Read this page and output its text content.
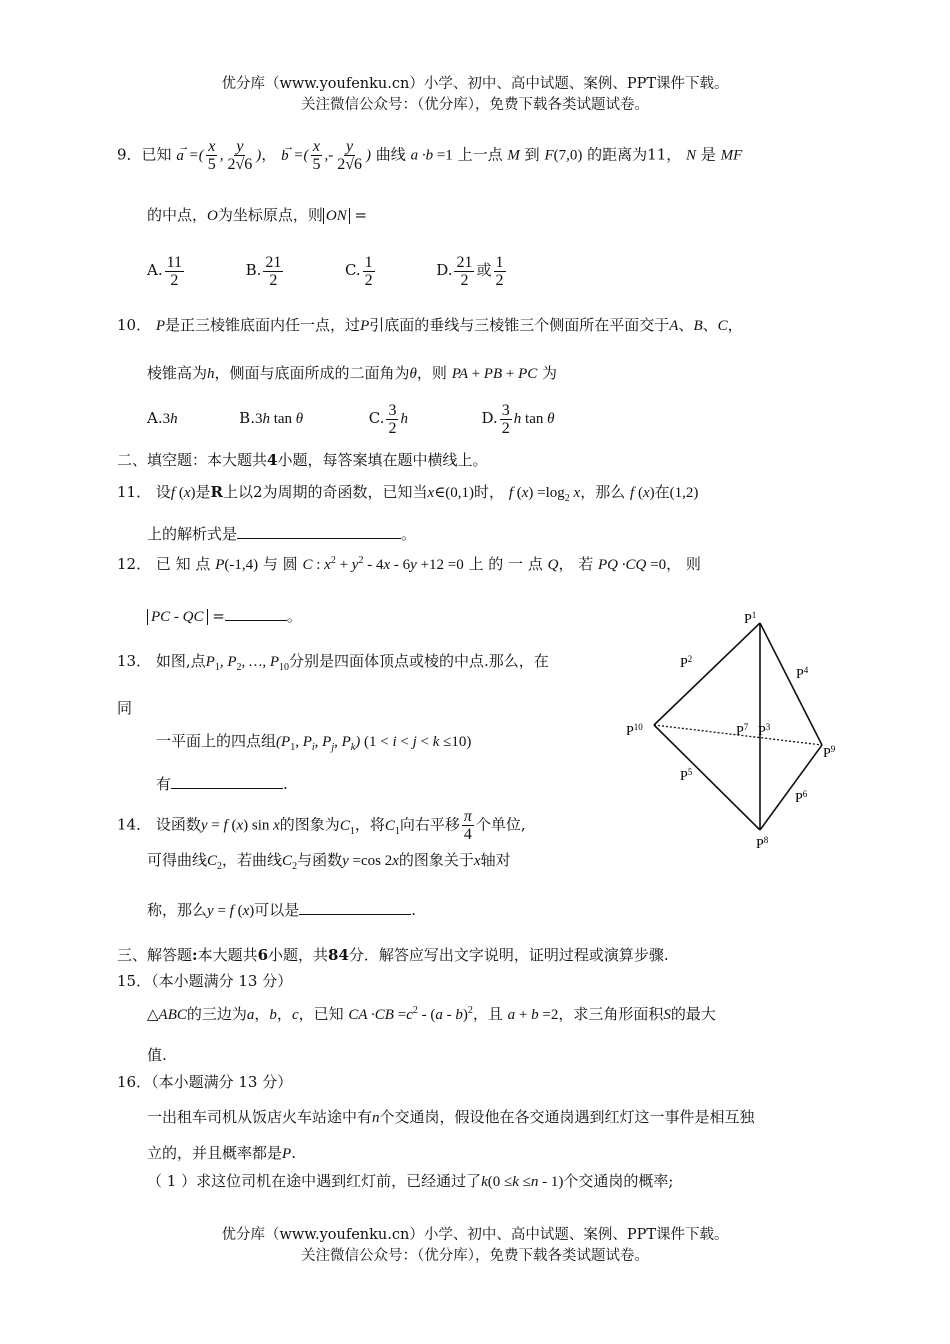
优分库（www.youfenku.cn）小学、初中、高中试题、案例、PPT课件下载。
关注微信公众号：（优分库），免费下载各类试题试卷。
9．已知 →
a =( $\frac{x}{5}$ , $\frac{y}{2√6}$ )， →
b =( $\frac{x}{5}$ ,- $\frac{y}{2√6}$ ) 曲线 a ·b =1 上一点 M 到 F(7,0) 的距离为11， N 是 MF
的中点，O为坐标原点，则 ON =
A. $\frac{11}{2}$	B. $\frac{21}{2}$	C. $\frac{1}{2}$	D. $\frac{21}{2}$ 或 $\frac{1}{2}$
10． P是正三棱锥底面内任一点，过P引底面的垂线与三棱锥三个侧面所在平面交于A、B、C，
棱锥高为h，侧面与底面所成的二面角为θ，则 PA + PB + PC 为
A.3h	B.3h tan θ	C. $\frac{3}{2}$ h	D. $\frac{3}{2}$ h tan θ
二、填空题：本大题共4小题，每答案填在题中横线上。
11． 设f (x)是R上以2为周期的奇函数，已知当x∈(0,1)时， f $(x) =\log_2$ x，那么 f (x)在(1,2)
上的解析式是	。
12． 已 知 点 P(-1,4) 与 圆 C : $x^2 + y^2 - 4x - 6y +12 =0$ 上 的 一 点 Q， 若 PQ ·CQ =0， 则
PC - QC =	。
13． 如图,点$P_1$, $P_2$, …, $P_{10}$分别是四面体顶点或棱的中点.那么，在
同
一平面上的四点组($P_1$, $P_i$, $P_j$, $P_k$) (1 < i < j < k ≤10)
有	.
$P^1$
$P^2$
$P^4$
$P^{10}$	$P^7$ $P^3$
$P^9$
$P^5$
$P^6$
$P^8$
14． 设函数y = f (x) sin x的图象为$C_1$，将$C_1$向右平移 $\frac{\pi}{4}$ 个单位,
可得曲线$C_2$，若曲线$C_2$与函数y =cos 2x的图象关于x轴对
称，那么y = f (x)可以是	.
三、解答题:本大题共6小题，共84分．解答应写出文字说明，证明过程或演算步骤.
15．（本小题满分 13 分）
△ABC的三边为a，b，c，已知 CA $\cdot CB =c^2 - (a - b)^2$，且 a + b =2，求三角形面积S的最大
值.
16．（本小题满分 13 分）
一出租车司机从饭店火车站途中有n个交通岗，假设他在各交通岗遇到红灯这一事件是相互独
立的，并且概率都是P.
（ 1 ）求这位司机在途中遇到红灯前，已经通过了k(0 ≤k ≤n - 1)个交通岗的概率;
优分库（www.youfenku.cn）小学、初中、高中试题、案例、PPT课件下载。
关注微信公众号：（优分库），免费下载各类试题试卷。
